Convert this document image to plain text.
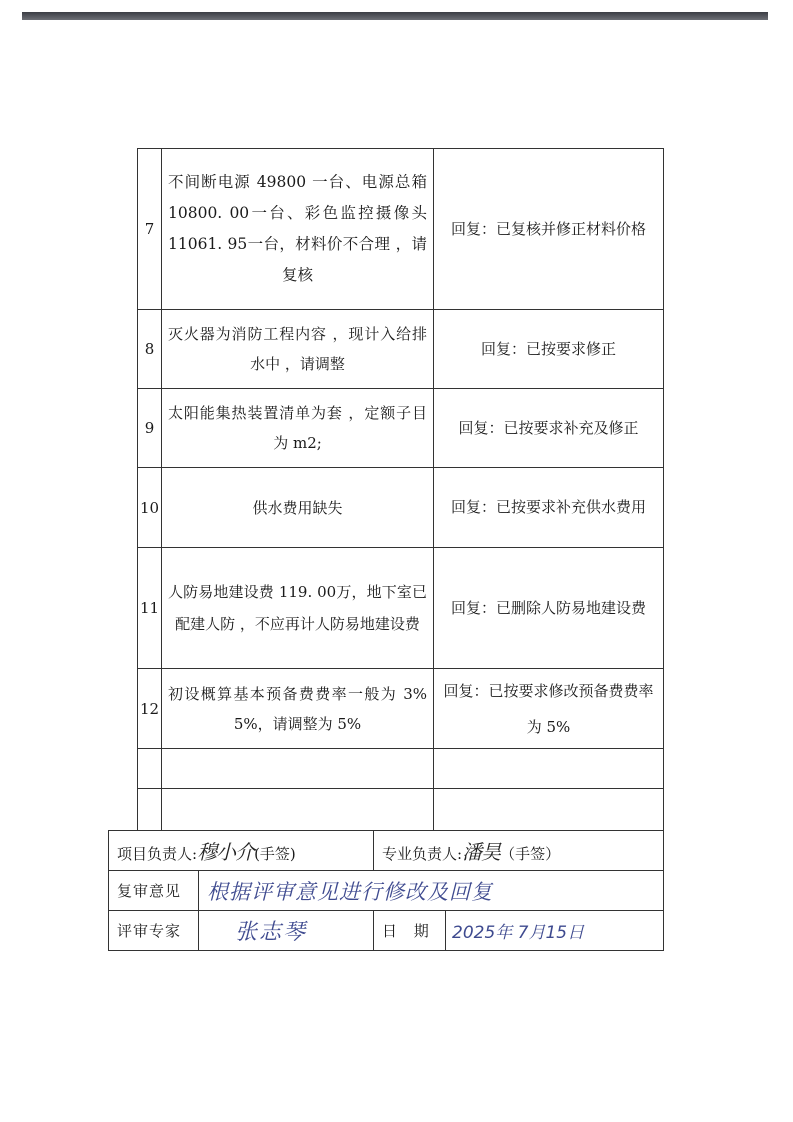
7	不间断电源 49800 一台、电源总箱 10800. 00一台、彩色监控摄像头 11061. 95一台，材料价不合理 ，请复核	回复：已复核并修正材料价格
8	灭火器为消防工程内容 ，现计入给排水中 ，请调整	回复：已按要求修正
9	太阳能集热装置清单为套 ，定额子目为 m2;	回复：已按要求补充及修正
10	供水费用缺失	回复：已按要求补充供水费用
11	人防易地建设费 119. 00万，地下室已配建人防 ，不应再计人防易地建设费	回复：已删除人防易地建设费
12	初设概算基本预备费费率一般为 3% 5%，请调整为 5%	回复：已按要求修改预备费费率为 5%

项目负责人:穆小介(手签)		专业负责人:潘昊（手签）	
复审意见	根据评审意见进行修改及回复		
评审专家	张志琴	日 期	2025年 7月15日
